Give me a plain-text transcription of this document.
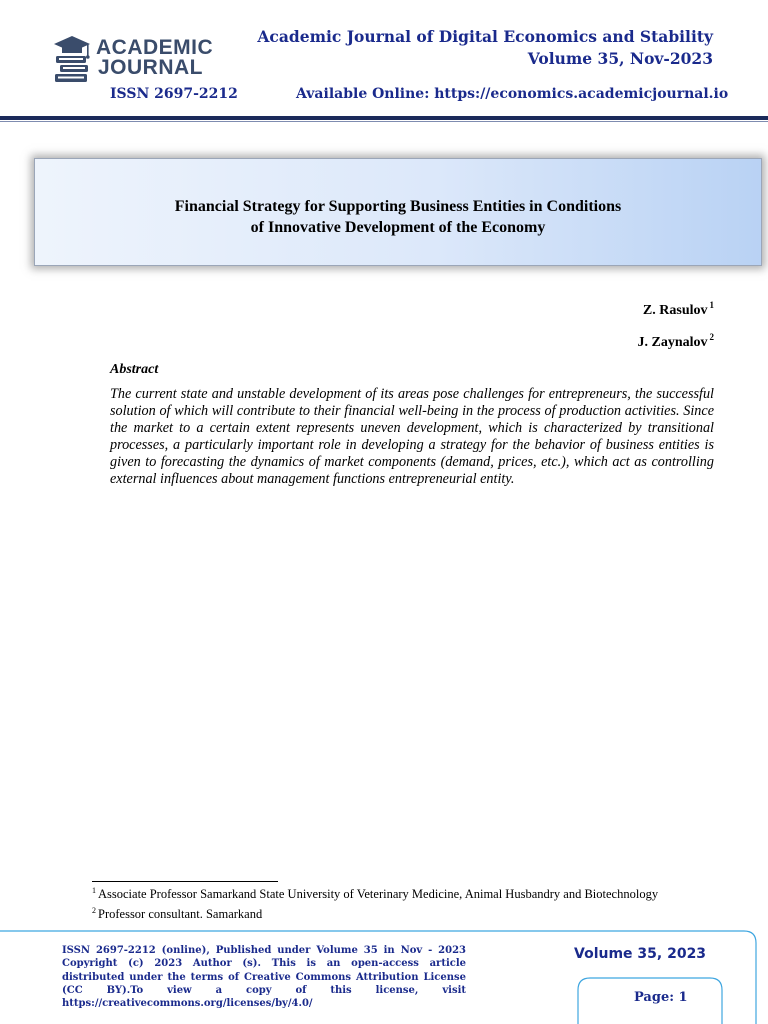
ACADEMIC
JOURNAL
Academic Journal of Digital Economics and Stability
Volume 35, Nov-2023
ISSN 2697-2212	Available Online: https://economics.academicjournal.io
Financial Strategy for Supporting Business Entities in Conditions
of Innovative Development of the Economy
Z. Rasulov $^1$
J. Zaynalov $^2$
Abstract
The current state and unstable development of its areas pose challenges for entrepreneurs, the successful solution of which will contribute to their financial well-being in the process of production activities. Since the market to a certain extent represents uneven development, which is characterized by transitional processes, a particularly important role in developing a strategy for the behavior of business entities is given to forecasting the dynamics of market components (demand, prices, etc.), which act as controlling external influences about management functions entrepreneurial entity.
$^1$ Associate Professor Samarkand State University of Veterinary Medicine, Animal Husbandry and Biotechnology
$^2$ Professor consultant. Samarkand
ISSN 2697-2212 (online), Published under Volume 35 in Nov - 2023 Copyright (c) 2023 Author (s). This is an open-access article distributed under the terms of Creative Commons Attribution License (CC BY).To view a copy of this license, visit https://creativecommons.org/licenses/by/4.0/
Volume 35, 2023
Page: 1
